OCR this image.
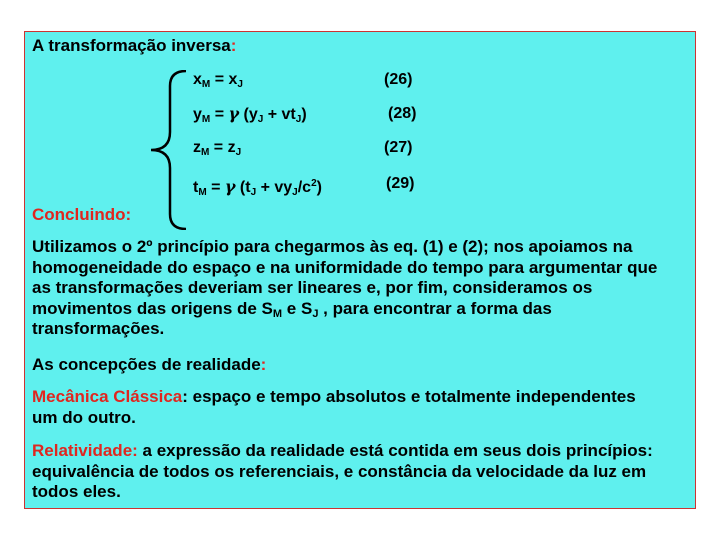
A transformação inversa:
$x_M = x_J$	(26)
$y_M = \gamma$ $(y_J + vt_J)$	(28)
$z_M = z_J$	(27)
$t_M = \gamma$ $(t_J + vy_J/c^2)$	(29)
Concluindo:
Utilizamos o 2º princípio para chegarmos às eq. (1) e (2); nos apoiamos na
homogeneidade do espaço e na uniformidade do tempo para argumentar que
as transformações deveriam ser lineares e, por fim, consideramos os
movimentos das origens de $S_M$ e $S_J$ , para encontrar a forma das
transformações.
As concepções de realidade:
Mecânica Clássica: espaço e tempo absolutos e totalmente independentes
um do outro.
Relatividade: a expressão da realidade está contida em seus dois princípios:
equivalência de todos os referenciais, e constância da velocidade da luz em
todos eles.
